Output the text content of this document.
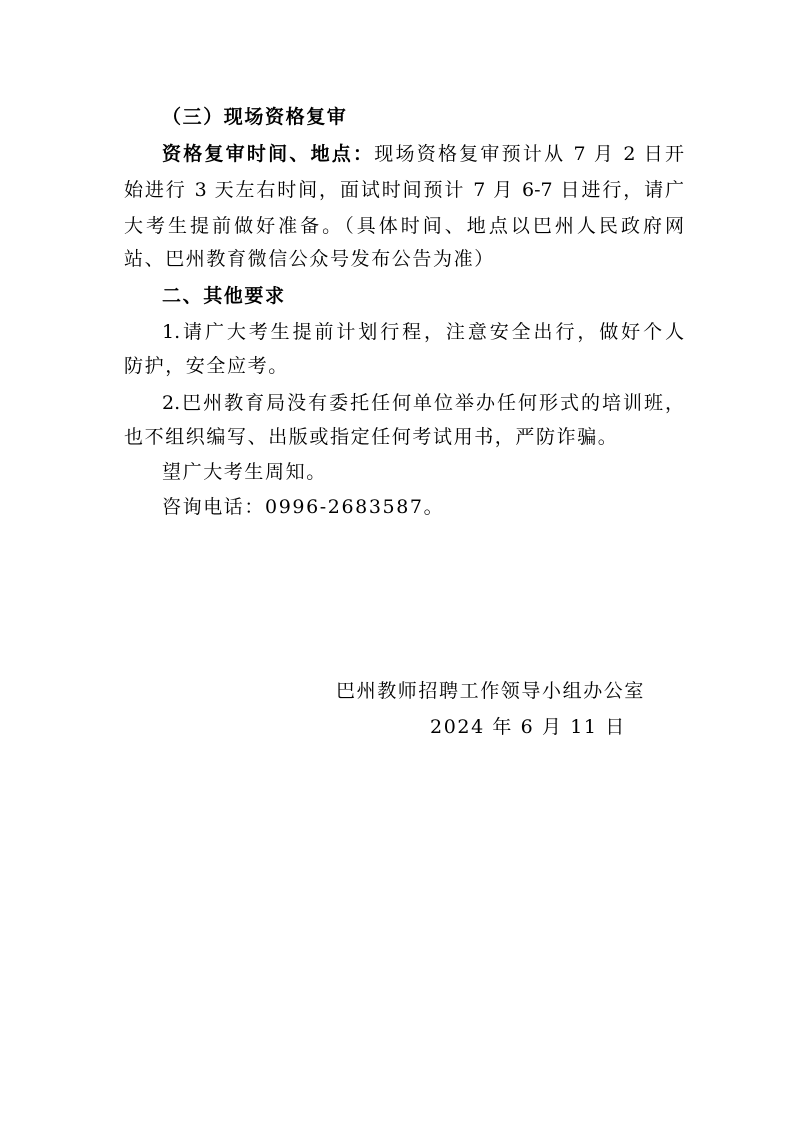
（三）现场资格复审
资格复审时间、地点：现场资格复审预计从 7 月 2 日开
始进行 3 天左右时间，面试时间预计 7 月 6-7 日进行，请广
大考生提前做好准备。（具体时间、地点以巴州人民政府网
站、巴州教育微信公众号发布公告为准）
二、其他要求
1.请广大考生提前计划行程，注意安全出行，做好个人
防护，安全应考。
2.巴州教育局没有委托任何单位举办任何形式的培训班，
也不组织编写、出版或指定任何考试用书，严防诈骗。
望广大考生周知。
咨询电话：0996-2683587。
巴州教师招聘工作领导小组办公室
2024 年 6 月 11 日
